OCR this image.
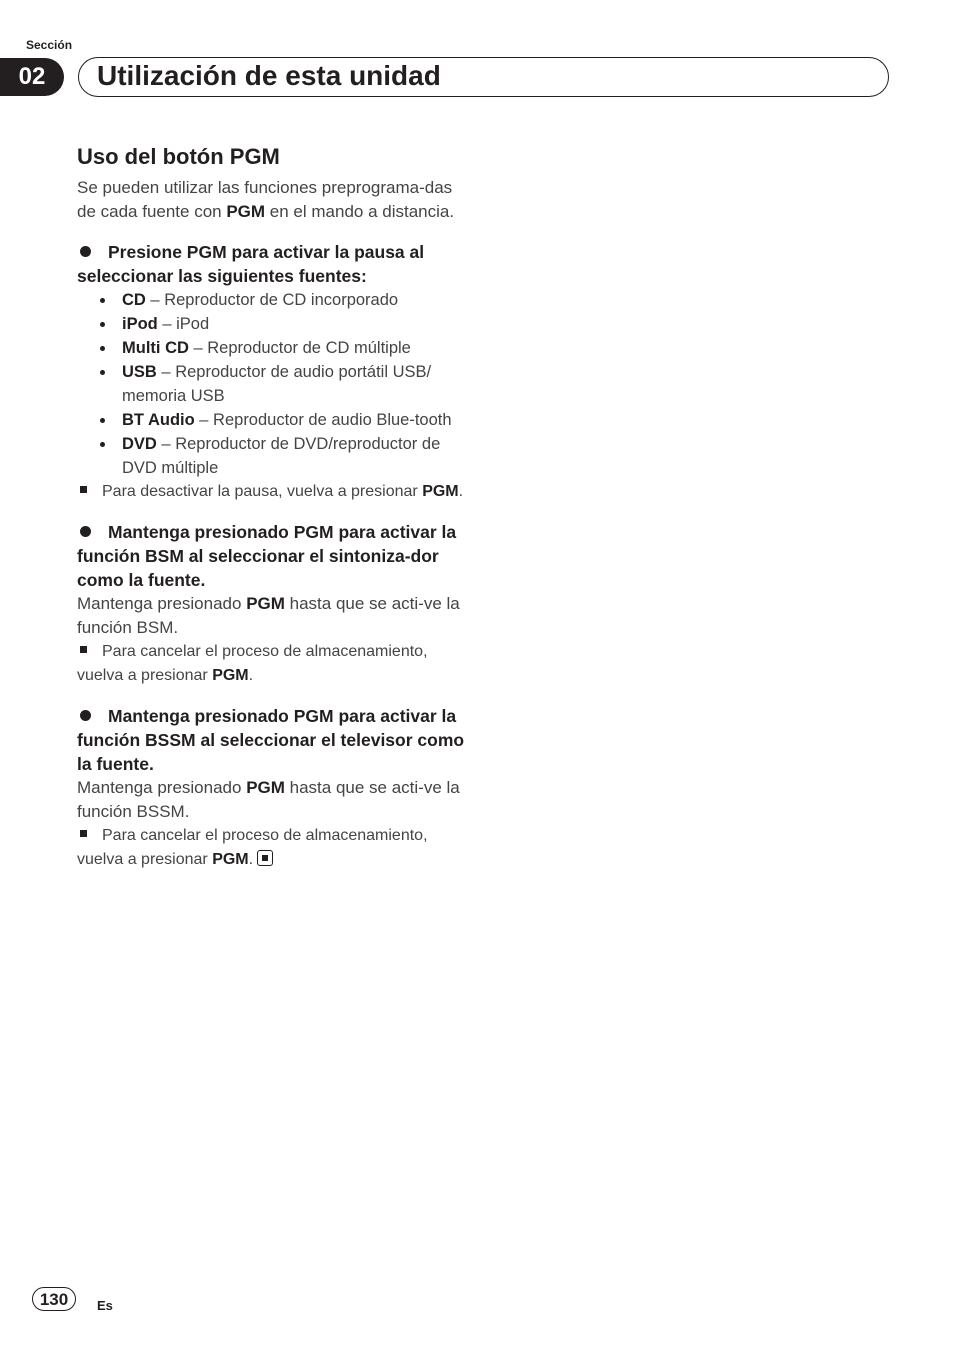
Sección
02	Utilización de esta unidad
Uso del botón PGM

Se pueden utilizar las funciones preprograma-das de cada fuente con PGM en el mando a distancia.

Presione PGM para activar la pausa al seleccionar las siguientes fuentes:
CD – Reproductor de CD incorporado
iPod – iPod
Multi CD – Reproductor de CD múltiple
USB – Reproductor de audio portátil USB/ memoria USB
BT Audio – Reproductor de audio Blue-tooth
DVD – Reproductor de DVD/reproductor de DVD múltiple

Para desactivar la pausa, vuelva a presionar PGM.

Mantenga presionado PGM para activar la función BSM al seleccionar el sintoniza-dor como la fuente.

Mantenga presionado PGM hasta que se acti-ve la función BSM.

Para cancelar el proceso de almacenamiento, vuelva a presionar PGM.

Mantenga presionado PGM para activar la función BSSM al seleccionar el televisor como la fuente.

Mantenga presionado PGM hasta que se acti-ve la función BSSM.

Para cancelar el proceso de almacenamiento, vuelva a presionar PGM.

130	Es
